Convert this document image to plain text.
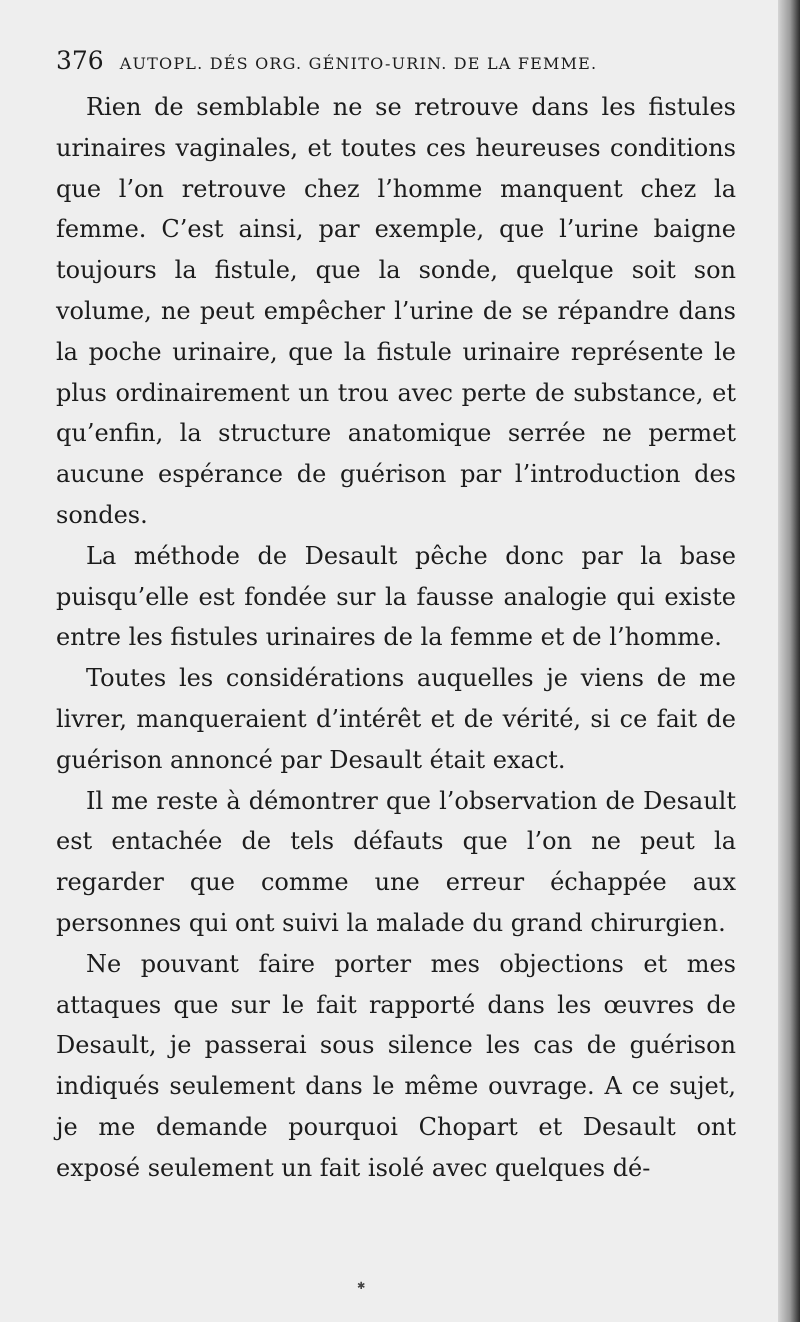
376 AUTOPL. DÉS ORG. GÉNITO-URIN. DE LA FEMME.

Rien de semblable ne se retrouve dans les fistules urinaires vaginales, et toutes ces heureuses conditions que l’on retrouve chez l’homme manquent chez la femme. C’est ainsi, par exemple, que l’urine baigne toujours la fistule, que la sonde, quelque soit son volume, ne peut empêcher l’urine de se répandre dans la poche urinaire, que la fistule urinaire représente le plus ordinairement un trou avec perte de substance, et qu’enfin, la structure anatomique serrée ne permet aucune espérance de guérison par l’introduction des sondes.

La méthode de Desault pêche donc par la base puisqu’elle est fondée sur la fausse analogie qui existe entre les fistules urinaires de la femme et de l’homme.

Toutes les considérations auquelles je viens de me livrer, manqueraient d’intérêt et de vérité, si ce fait de guérison annoncé par Desault était exact.

Il me reste à démontrer que l’observation de Desault est entachée de tels défauts que l’on ne peut la regarder que comme une erreur échappée aux personnes qui ont suivi la malade du grand chirurgien.

Ne pouvant faire porter mes objections et mes attaques que sur le fait rapporté dans les œuvres de Desault, je passerai sous silence les cas de guérison indiqués seulement dans le même ouvrage. A ce sujet, je me demande pourquoi Chopart et Desault ont exposé seulement un fait isolé avec quelques dé-

✱
